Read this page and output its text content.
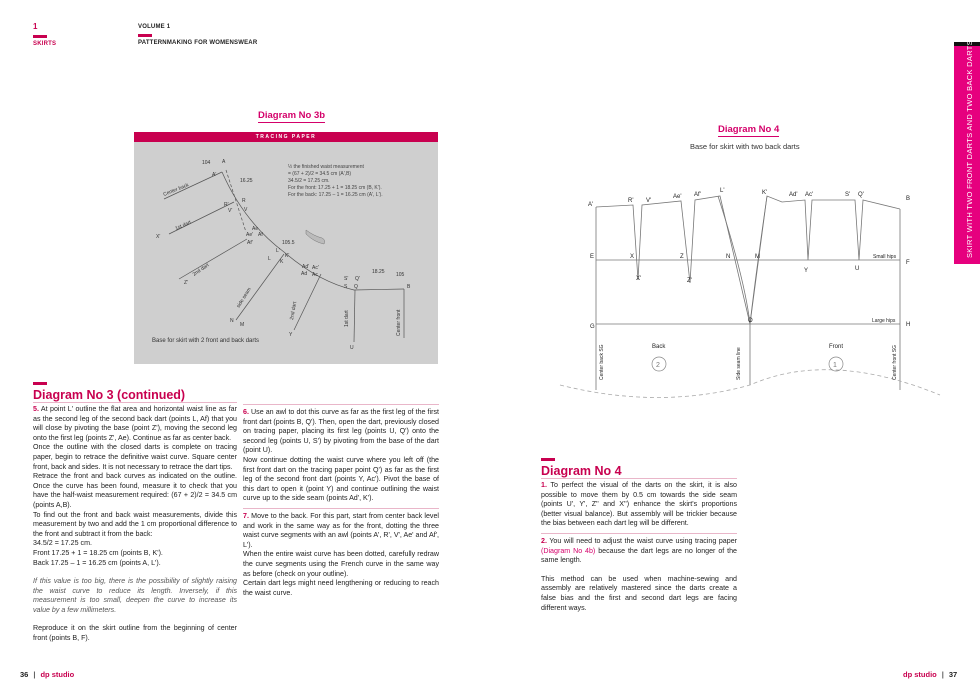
1
SKIRTS
VOLUME 1
PATTERNMAKING FOR WOMENSWEAR
Diagram No 3b
TRACING PAPER
104 A
A'
Center back
16.25
R
R'
V
V'
X'
1st dart	Ae
Ae' Af
Af'	105.5
L'
L	K'
K
Z'
2nd dart	Ad' Ac'
Ad Ac
S' Q'
S Q
18.25 105
B
side seam
N
M
2nd dart
Y
1st dart
U
Center front
½ the finished waist measurement
= (67 + 2)/2 = 34.5 cm (A',B)
34.5/2 = 17.25 cm.
For the front: 17.25 + 1 = 18.25 cm (B, K').
For the back: 17.25 – 1 = 16.25 cm (A', L').
Base for skirt with 2 front and back darts
Diagram No 3 (continued)

5. At point L' outline the flat area and horizontal waist line as far as the second leg of the second back dart (points L, Af) that you will close by pivoting the base (point Z'), moving the second leg onto the first leg (points Z', Ae). Continue as far as center back.

Once the outline with the closed darts is complete on tracing paper, begin to retrace the definitive waist curve. Square center front, back and sides. It is not necessary to retrace the dart tips.

Retrace the front and back curves as indicated on the outline. Once the curve has been found, measure it to check that you have the half-waist measurement required: (67 + 2)/2 = 34.5 cm (points A,B).

To find out the front and back waist measurements, divide this measurement by two and add the 1 cm proportional difference to the front and subtract it from the back:

34.5/2 = 17.25 cm.

Front 17.25 + 1 = 18.25 cm (points B, K').

Back 17.25 – 1 = 16.25 cm (points A, L').

If this value is too big, there is the possibility of slightly raising the waist curve to reduce its length. Inversely, if this measurement is too small, deepen the curve to increase its value by a few millimeters.

Reproduce it on the skirt outline from the beginning of center front (points B, F).

6. Use an awl to dot this curve as far as the first leg of the first front dart (points B, Q'). Then, open the dart, previously closed on tracing paper, placing its first leg (points U, Q') onto the second leg (points U, S') by pivoting from the base of the dart (point U).

Now continue dotting the waist curve where you left off (the first front dart on the tracing paper point Q') as far as the first leg of the second front dart (points Y, Ac'). Pivot the base of this dart to open it (point Y) and continue outlining the waist curve up to the side seam (points Ad', K').

7. Move to the back. For this part, start from center back level and work in the same way as for the front, dotting the three waist curve segments with an awl (points A', R', V', Ae' and Af', L').

When the entire waist curve has been dotted, carefully redraw the curve segments using the French curve in the same way as before (check on your outline).

Certain dart legs might need lengthening or reducing to reach the waist curve.

Diagram No 4
Base for skirt with two back darts
A'
R' V'
Ae' Af'
L'	K'	Ad' Ac'	S' Q'
B
E	X	Z	N	M
Y	U
Small hips
F
X'	Z'
G
O	Large hips
H
Center back SG	Back
Side seam line
Front	Center front SG
2	1
Diagram No 4

1. To perfect the visual of the darts on the skirt, it is also possible to move them by 0.5 cm towards the side seam (points U', Y', Z'' and X'') enhance the skirt's proportions (better visual balance). But assembly will be trickier because the bias between each dart leg will be different.

2. You will need to adjust the waist curve using tracing paper (Diagram No 4b) because the dart legs are no longer of the same length.

This method can be used when machine-sewing and assembly are relatively mastered since the darts create a false bias and the first and second dart legs are facing different ways.

SKIRT WITH TWO FRONT DARTS AND TWO BACK DARTS
36 | dp studio	dp studio | 37
